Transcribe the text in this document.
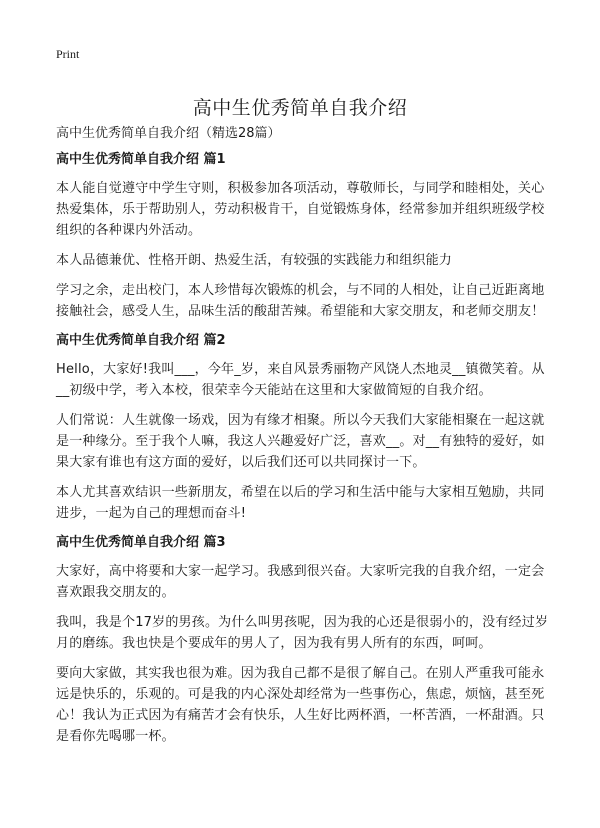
Print
高中生优秀简单自我介绍
高中生优秀简单自我介绍（精选28篇）
高中生优秀简单自我介绍 篇1

本人能自觉遵守中学生守则，积极参加各项活动，尊敬师长，与同学和睦相处，关心热爱集体，乐于帮助别人，劳动积极肯干，自觉锻炼身体，经常参加并组织班级学校组织的各种课内外活动。

本人品德兼优、性格开朗、热爱生活，有较强的实践能力和组织能力

学习之余，走出校门，本人珍惜每次锻炼的机会，与不同的人相处，让自己近距离地接触社会，感受人生，品味生活的酸甜苦辣。希望能和大家交朋友，和老师交朋友！

高中生优秀简单自我介绍 篇2

Hello，大家好!我叫___，今年_岁，来自风景秀丽物产风饶人杰地灵__镇微笑着。从__初级中学，考入本校，很荣幸今天能站在这里和大家做简短的自我介绍。

人们常说：人生就像一场戏，因为有缘才相聚。所以今天我们大家能相聚在一起这就是一种缘分。至于我个人嘛，我这人兴趣爱好广泛，喜欢__。对__有独特的爱好，如果大家有谁也有这方面的爱好，以后我们还可以共同探讨一下。

本人尤其喜欢结识一些新朋友，希望在以后的学习和生活中能与大家相互勉励，共同进步，一起为自己的理想而奋斗!

高中生优秀简单自我介绍 篇3

大家好，高中将要和大家一起学习。我感到很兴奋。大家听完我的自我介绍，一定会喜欢跟我交朋友的。

我叫，我是个17岁的男孩。为什么叫男孩呢，因为我的心还是很弱小的，没有经过岁月的磨练。我也快是个要成年的男人了，因为我有男人所有的东西，呵呵。

要向大家做，其实我也很为难。因为我自己都不是很了解自己。在别人严重我可能永远是快乐的，乐观的。可是我的内心深处却经常为一些事伤心，焦虑，烦恼，甚至死心！我认为正式因为有痛苦才会有快乐，人生好比两杯酒，一杯苦酒，一杯甜酒。只是看你先喝哪一杯。
